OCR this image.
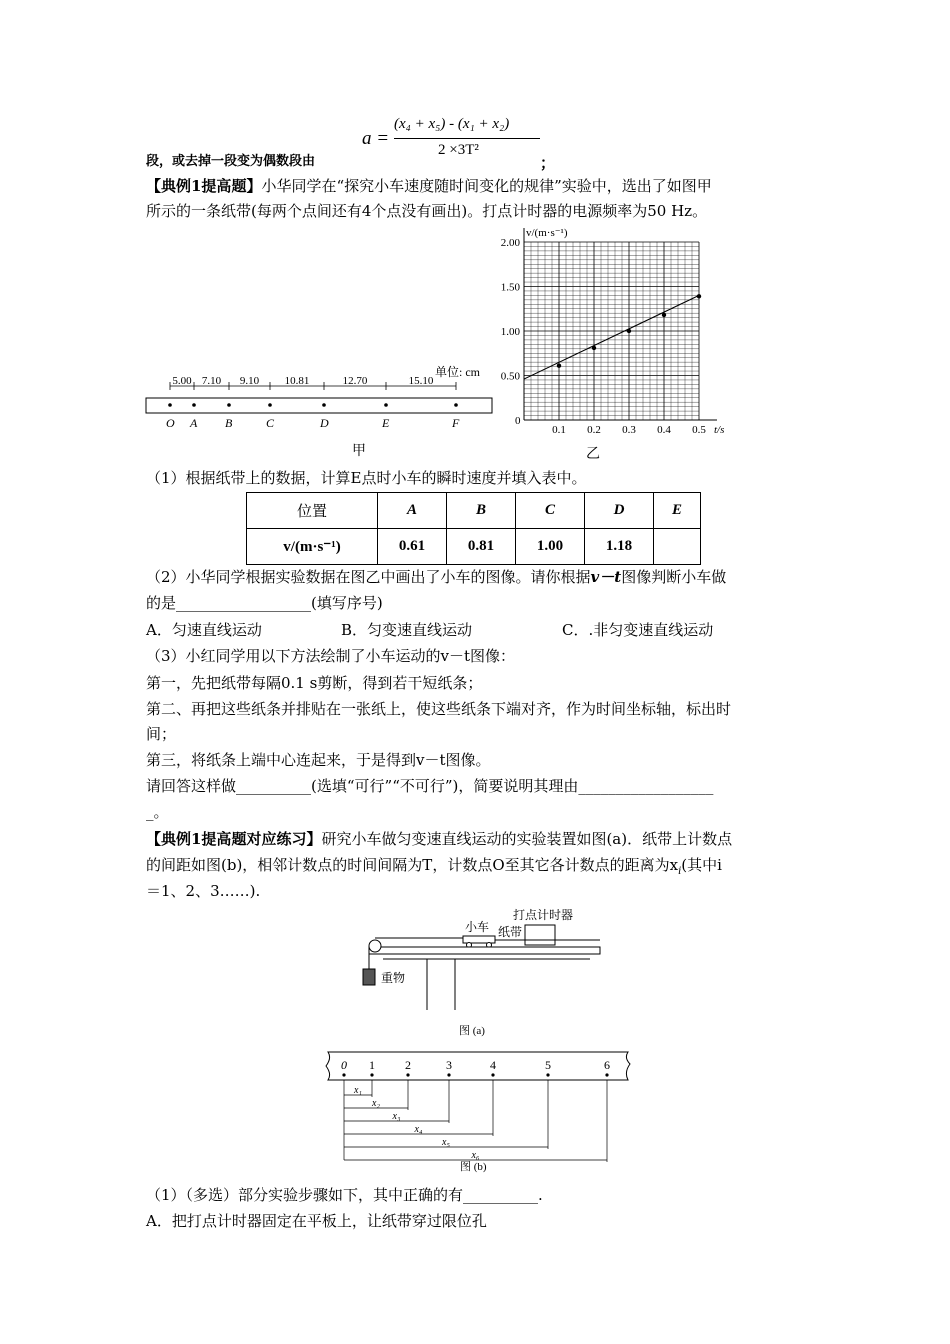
a =
(x₄ + x₅) - (x₁ + x₂)
2 ×3T²
段，或去掉一段变为偶数段由	；
【典例1提高题】小华同学在“探究小车速度随时间变化的规律”实验中，选出了如图甲
所示的一条纸带(每两个点间还有4个点没有画出)。打点计时器的电源频率为50 Hz。
单位: cm
5.00 7.10 9.10 10.81	12.70	15.10
O A B	C	D	E	F
甲
v/(m·s⁻¹)
t/s
0
0.1 0.2 0.3 0.4 0.5
0.50
1.00
1.50
2.00
乙
（1）根据纸带上的数据，计算E点时小车的瞬时速度并填入表中。
位置	A	B	C	D	E
v/(m·s⁻¹)	0.61	0.81	1.00	1.18	
（2）小华同学根据实验数据在图乙中画出了小车的图像。请你根据v－t图像判断小车做
的是__________________(填写序号)
A．匀速直线运动	B．匀变速直线运动	C．.非匀变速直线运动
（3）小红同学用以下方法绘制了小车运动的v－t图像：
第一，先把纸带每隔0.1 s剪断，得到若干短纸条；
第二、再把这些纸条并排贴在一张纸上，使这些纸条下端对齐，作为时间坐标轴，标出时
间；
第三，将纸条上端中心连起来，于是得到v－t图像。
请回答这样做__________(选填“可行”“不可行”)，简要说明其理由__________________
_。
【典例1提高题对应练习】研究小车做匀变速直线运动的实验装置如图(a)．纸带上计数点
的间距如图(b)，相邻计数点的时间间隔为T，计数点O至其它各计数点的距离为$x_i$(其中i
＝1、2、3……).
打点计时器
小车 纸带
重物
图 (a)
0 1	2	3	4	5	6
x₁
x₂
x₃
x₄
x₅
x₆
图 (b)
（1）（多选）部分实验步骤如下，其中正确的有__________.
A．把打点计时器固定在平板上，让纸带穿过限位孔
